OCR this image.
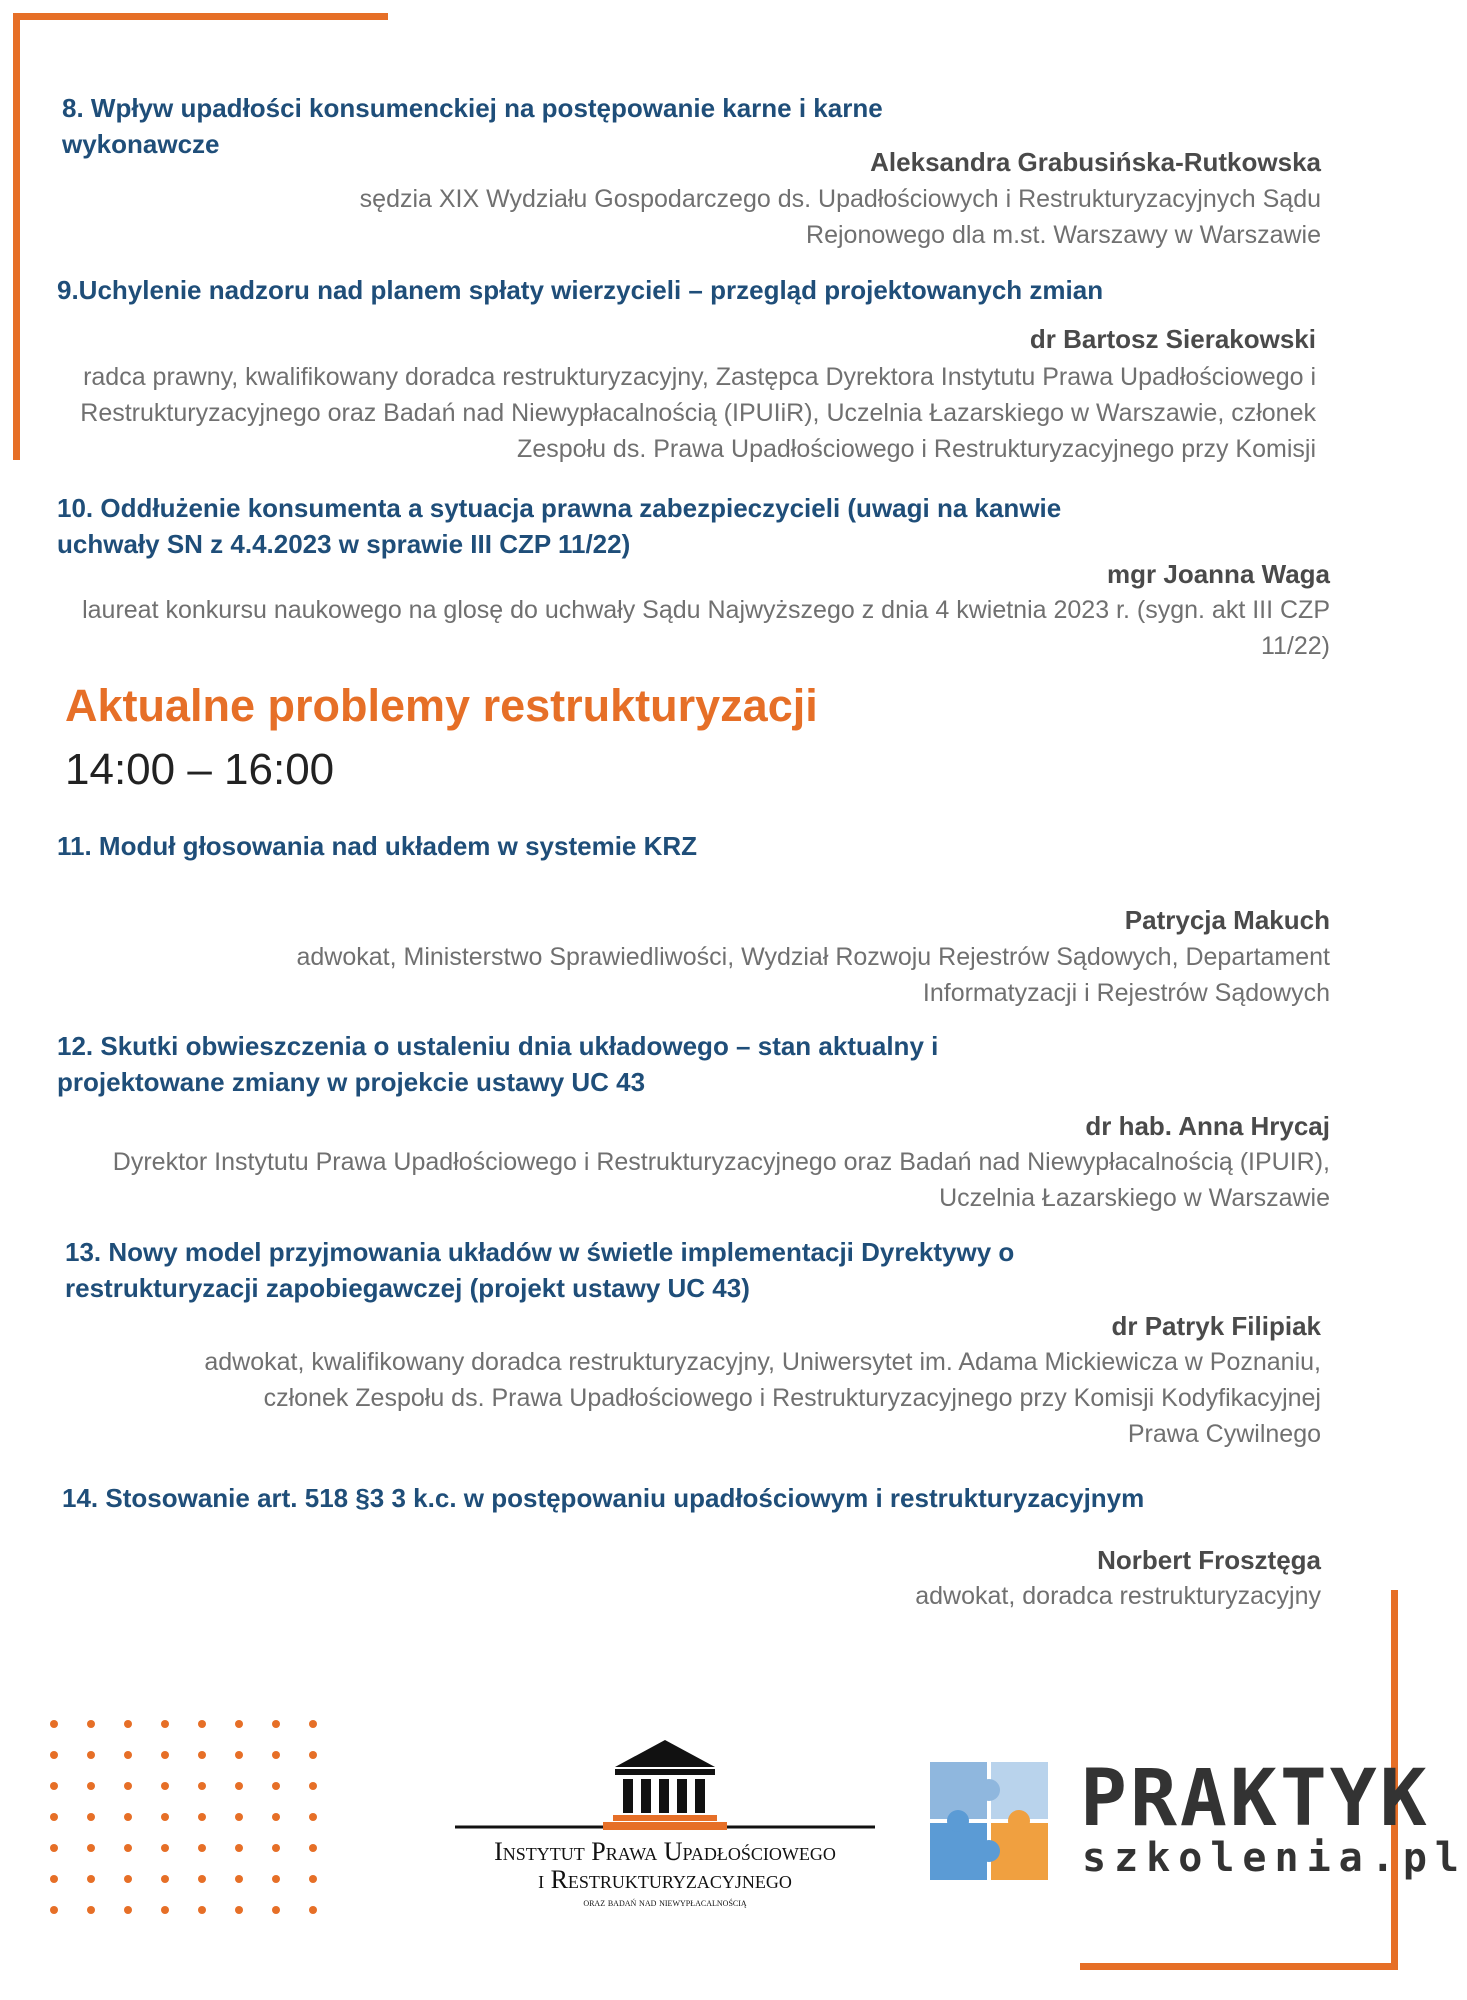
8. Wpływ upadłości konsumenckiej na postępowanie karne i karne wykonawcze
Aleksandra Grabusińska-Rutkowska
sędzia XIX Wydziału Gospodarczego ds. Upadłościowych i Restrukturyzacyjnych Sądu Rejonowego dla m.st. Warszawy w Warszawie
9.Uchylenie nadzoru nad planem spłaty wierzycieli – przegląd projektowanych zmian
dr Bartosz Sierakowski
radca prawny, kwalifikowany doradca restrukturyzacyjny, Zastępca Dyrektora Instytutu Prawa Upadłościowego i Restrukturyzacyjnego oraz Badań nad Niewypłacalnością (IPUIiR), Uczelnia Łazarskiego w Warszawie, członek Zespołu ds. Prawa Upadłościowego i Restrukturyzacyjnego przy Komisji
10. Oddłużenie konsumenta a sytuacja prawna zabezpieczycieli (uwagi na kanwie uchwały SN z 4.4.2023 w sprawie III CZP 11/22)
mgr Joanna Waga
laureat konkursu naukowego na glosę do uchwały Sądu Najwyższego z dnia 4 kwietnia 2023 r. (sygn. akt III CZP 11/22)
Aktualne problemy restrukturyzacji
14:00 – 16:00
11. Moduł głosowania nad układem w systemie KRZ
Patrycja Makuch
adwokat, Ministerstwo Sprawiedliwości, Wydział Rozwoju Rejestrów Sądowych, Departament Informatyzacji i Rejestrów Sądowych
12. Skutki obwieszczenia o ustaleniu dnia układowego – stan aktualny i projektowane zmiany w projekcie ustawy UC 43
dr hab. Anna Hrycaj
Dyrektor Instytutu Prawa Upadłościowego i Restrukturyzacyjnego oraz Badań nad Niewypłacalnością (IPUIR), Uczelnia Łazarskiego w Warszawie
13. Nowy model przyjmowania układów w świetle implementacji Dyrektywy o restrukturyzacji zapobiegawczej (projekt ustawy UC 43)
dr Patryk Filipiak
adwokat, kwalifikowany doradca restrukturyzacyjny, Uniwersytet im. Adama Mickiewicza w Poznaniu, członek Zespołu ds. Prawa Upadłościowego i Restrukturyzacyjnego przy Komisji Kodyfikacyjnej Prawa Cywilnego
14. Stosowanie art. 518 §3 3 k.c. w postępowaniu upadłościowym i restrukturyzacyjnym
Norbert Frosztęga
adwokat, doradca restrukturyzacyjny
Instytut Prawa Upadłościowego
i Restrukturyzacyjnego
oraz badań nad niewypłacalnością
PRAKTYK
szkolenia.pl
